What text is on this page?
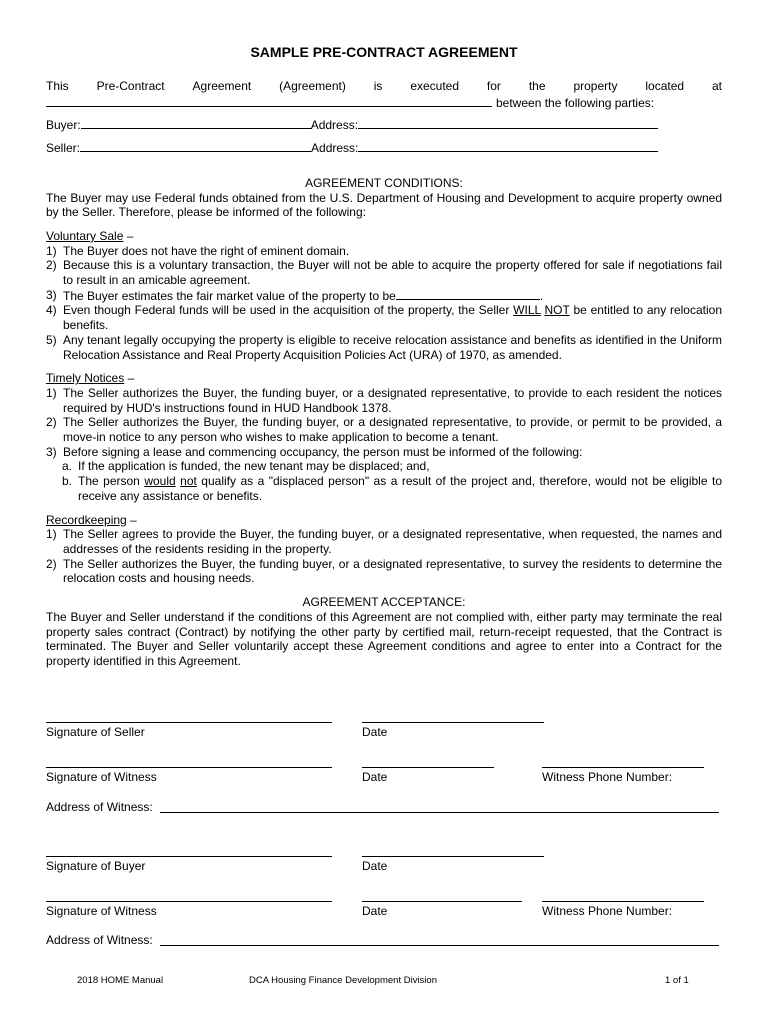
SAMPLE PRE-CONTRACT AGREEMENT
This Pre-Contract Agreement (Agreement) is executed for the property located at
between the following parties:
Buyer:	Address:
Seller:	Address:
AGREEMENT CONDITIONS:
The Buyer may use Federal funds obtained from the U.S. Department of Housing and Development to acquire property owned by the Seller. Therefore, please be informed of the following:
Voluntary Sale –
1) The Buyer does not have the right of eminent domain.
2) Because this is a voluntary transaction, the Buyer will not be able to acquire the property offered for sale if negotiations fail to result in an amicable agreement.
3) The Buyer estimates the fair market value of the property to be	.
4) Even though Federal funds will be used in the acquisition of the property, the Seller WILL NOT be entitled to any relocation benefits.
5) Any tenant legally occupying the property is eligible to receive relocation assistance and benefits as identified in the Uniform Relocation Assistance and Real Property Acquisition Policies Act (URA) of 1970, as amended.
Timely Notices –
1) The Seller authorizes the Buyer, the funding buyer, or a designated representative, to provide to each resident the notices required by HUD's instructions found in HUD Handbook 1378.
2) The Seller authorizes the Buyer, the funding buyer, or a designated representative, to provide, or permit to be provided, a move-in notice to any person who wishes to make application to become a tenant.
3) Before signing a lease and commencing occupancy, the person must be informed of the following:
a. If the application is funded, the new tenant may be displaced; and,
b. The person would not qualify as a "displaced person" as a result of the project and, therefore, would not be eligible to receive any assistance or benefits.
Recordkeeping –
1) The Seller agrees to provide the Buyer, the funding buyer, or a designated representative, when requested, the names and addresses of the residents residing in the property.
2) The Seller authorizes the Buyer, the funding buyer, or a designated representative, to survey the residents to determine the relocation costs and housing needs.
AGREEMENT ACCEPTANCE:
The Buyer and Seller understand if the conditions of this Agreement are not complied with, either party may terminate the real property sales contract (Contract) by notifying the other party by certified mail, return-receipt requested, that the Contract is terminated. The Buyer and Seller voluntarily accept these Agreement conditions and agree to enter into a Contract for the property identified in this Agreement.
Signature of Seller	Date
Signature of Witness	Date	Witness Phone Number:
Address of Witness:
Signature of Buyer	Date
Signature of Witness	Date	Witness Phone Number:
Address of Witness:
2018 HOME Manual	DCA Housing Finance Development Division	1 of 1
